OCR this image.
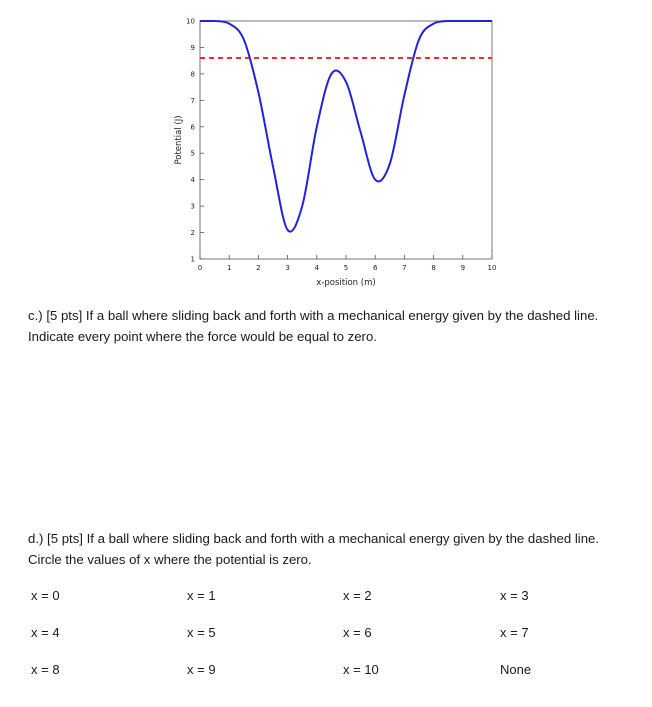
1
2
3
4
5
6
7
8
9
10
0	1	2	3	4	5	6	7	8	9	10
x-position (m)
Potential (J)

c.) [5 pts] If a ball where sliding back and forth with a mechanical energy given by the dashed line.

Indicate every point where the force would be equal to zero.

d.) [5 pts] If a ball where sliding back and forth with a mechanical energy given by the dashed line.

Circle the values of x where the potential is zero.

x = 0	x = 1	x = 2	x = 3
x = 4	x = 5	x = 6	x = 7
x = 8	x = 9	x = 10	None
